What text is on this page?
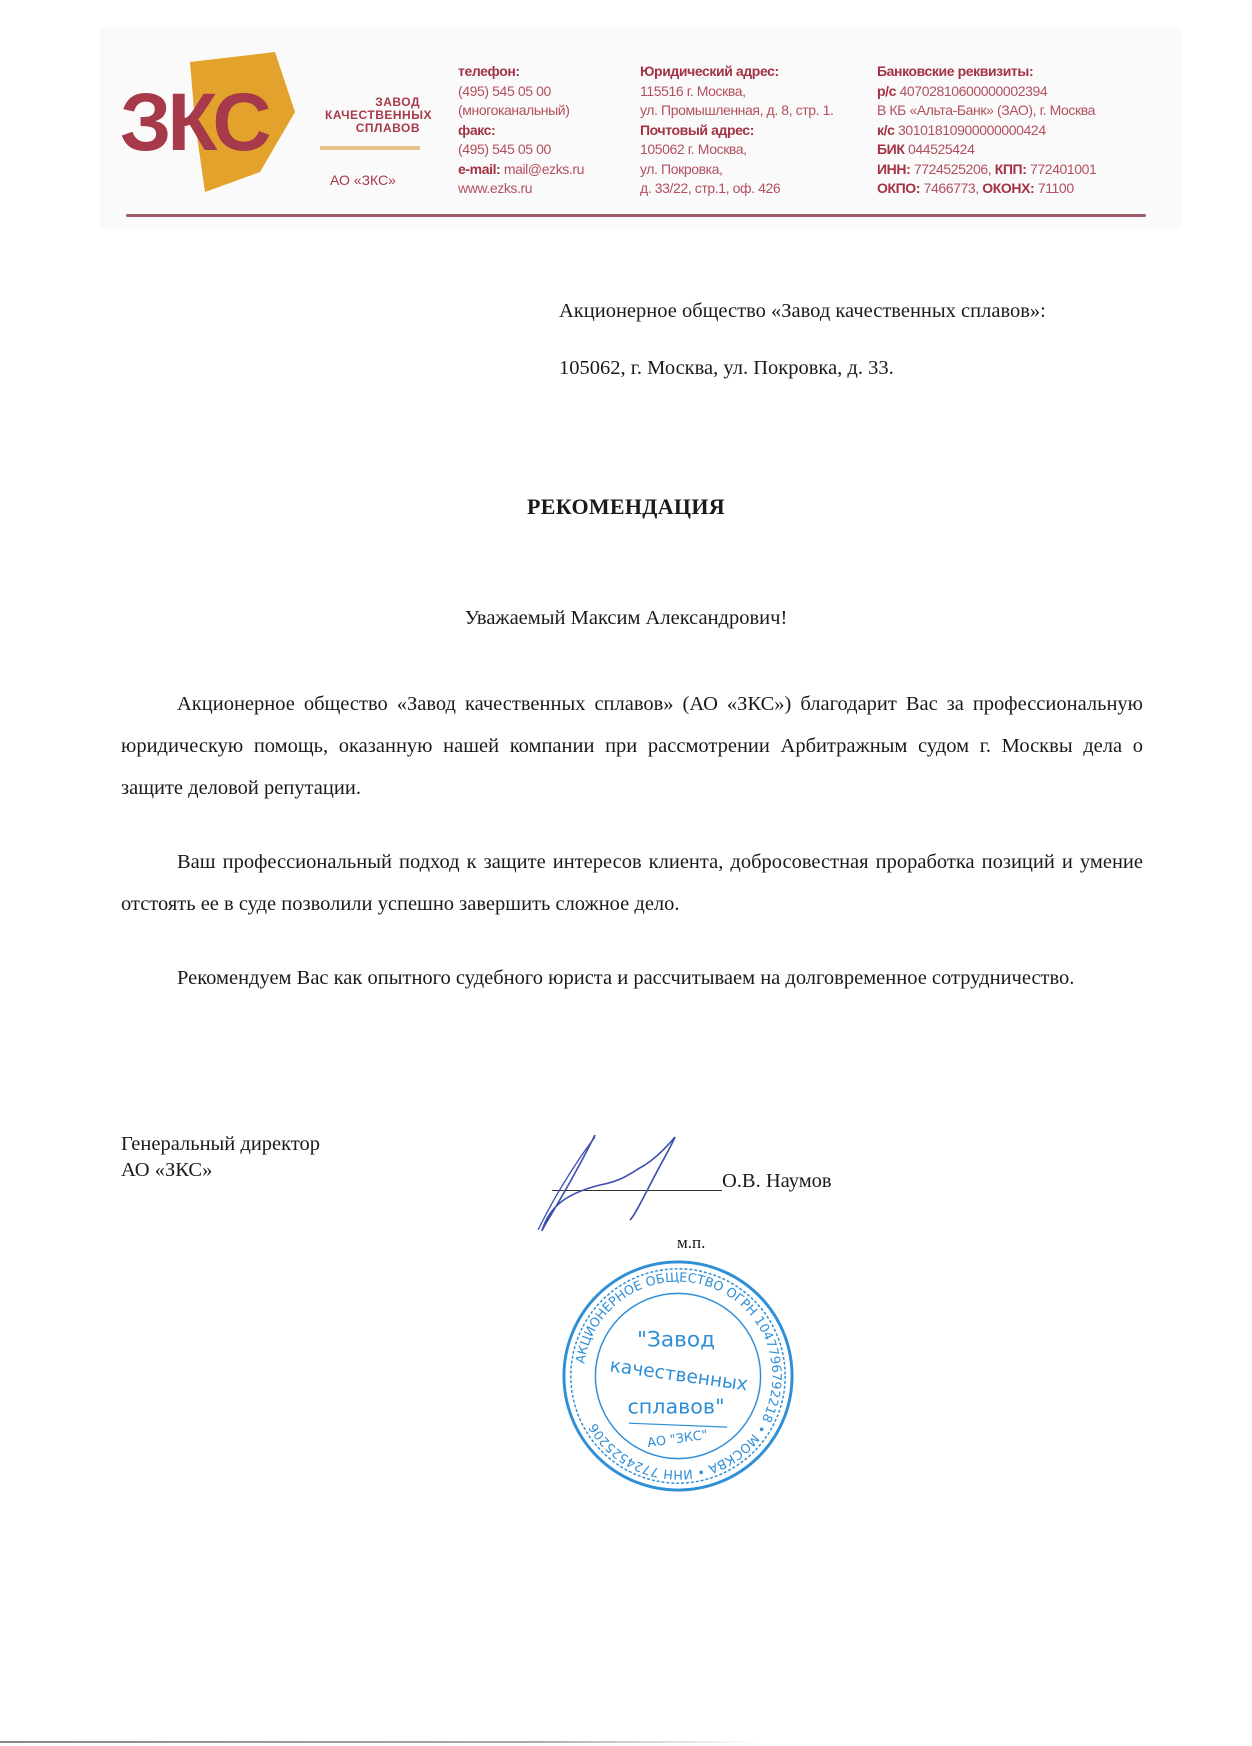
ЗКС	ЗАВОД
КАЧЕСТВЕННЫХ
СПЛАВОВ
АО «ЗКС»
телефон:
(495) 545 05 00
(многоканальный)
факс:
(495) 545 05 00
e-mail: mail@ezks.ru
www.ezks.ru
Юридический адрес:
115516 г. Москва,
ул. Промышленная, д. 8, стр. 1.
Почтовый адрес:
105062 г. Москва,
ул. Покровка,
д. 33/22, стр.1, оф. 426
Банковские реквизиты:
р/с 40702810600000002394
В КБ «Альта-Банк» (ЗАО), г. Москва
к/с 30101810900000000424
БИК 044525424
ИНН: 7724525206, КПП: 772401001
ОКПО: 7466773, ОКОНХ: 71100
Акционерное общество «Завод качественных сплавов»:
105062, г. Москва, ул. Покровка, д. 33.
РЕКОМЕНДАЦИЯ
Уважаемый Максим Александрович!
Акционерное общество «Завод качественных сплавов» (АО «ЗКС») благодарит Вас за профессиональную юридическую помощь, оказанную нашей компании при рассмотрении Арбитражным судом г. Москвы дела о защите деловой репутации.
Ваш профессиональный подход к защите интересов клиента, добросовестная проработка позиций и умение отстоять ее в суде позволили успешно завершить сложное дело.
Рекомендуем Вас как опытного судебного юриста и рассчитываем на долговременное сотрудничество.
Генеральный директор
АО «ЗКС»	О.В. Наумов
м.п.
АКЦИОНЕРНОЕ ОБЩЕСТВО ОГРН 1047796792218 • МОСКВА • ИНН 7724525206
"Завод
качественных
сплавов"
АО "ЗКС"
